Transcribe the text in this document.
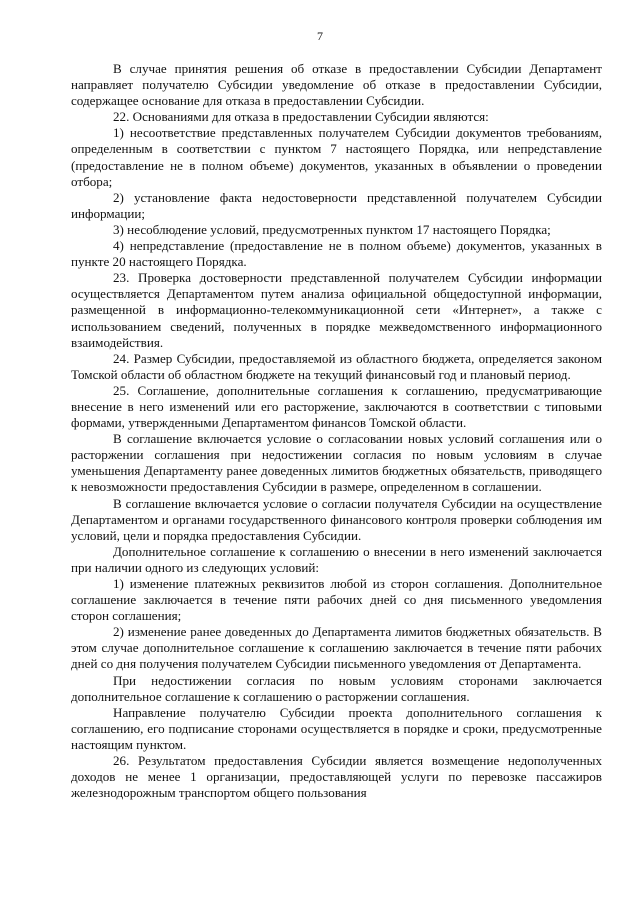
7

В случае принятия решения об отказе в предоставлении Субсидии Департамент направляет получателю Субсидии уведомление об отказе в предоставлении Субсидии, содержащее основание для отказа в предоставлении Субсидии.

22. Основаниями для отказа в предоставлении Субсидии являются:

1) несоответствие представленных получателем Субсидии документов требованиям, определенным в соответствии с пунктом 7 настоящего Порядка, или непредставление (предоставление не в полном объеме) документов, указанных в объявлении о проведении отбора;

2) установление факта недостоверности представленной получателем Субсидии информации;

3) несоблюдение условий, предусмотренных пунктом 17 настоящего Порядка;

4) непредставление (предоставление не в полном объеме) документов, указанных в пункте 20 настоящего Порядка.

23. Проверка достоверности представленной получателем Субсидии информации осуществляется Департаментом путем анализа официальной общедоступной информации, размещенной в информационно-телекоммуникационной сети «Интернет», а также с использованием сведений, полученных в порядке межведомственного информационного взаимодействия.

24. Размер Субсидии, предоставляемой из областного бюджета, определяется законом Томской области об областном бюджете на текущий финансовый год и плановый период.

25. Соглашение, дополнительные соглашения к соглашению, предусматривающие внесение в него изменений или его расторжение, заключаются в соответствии с типовыми формами, утвержденными Департаментом финансов Томской области.

В соглашение включается условие о согласовании новых условий соглашения или о расторжении соглашения при недостижении согласия по новым условиям в случае уменьшения Департаменту ранее доведенных лимитов бюджетных обязательств, приводящего к невозможности предоставления Субсидии в размере, определенном в соглашении.

В соглашение включается условие о согласии получателя Субсидии на осуществление Департаментом и органами государственного финансового контроля проверки соблюдения им условий, цели и порядка предоставления Субсидии.

Дополнительное соглашение к соглашению о внесении в него изменений заключается при наличии одного из следующих условий:

1) изменение платежных реквизитов любой из сторон соглашения. Дополнительное соглашение заключается в течение пяти рабочих дней со дня письменного уведомления сторон соглашения;

2) изменение ранее доведенных до Департамента лимитов бюджетных обязательств. В этом случае дополнительное соглашение к соглашению заключается в течение пяти рабочих дней со дня получения получателем Субсидии письменного уведомления от Департамента.

При недостижении согласия по новым условиям сторонами заключается дополнительное соглашение к соглашению о расторжении соглашения.

Направление получателю Субсидии проекта дополнительного соглашения к соглашению, его подписание сторонами осуществляется в порядке и сроки, предусмотренные настоящим пунктом.

26. Результатом предоставления Субсидии является возмещение недополученных доходов не менее 1 организации, предоставляющей услуги по перевозке пассажиров железнодорожным транспортом общего пользования
